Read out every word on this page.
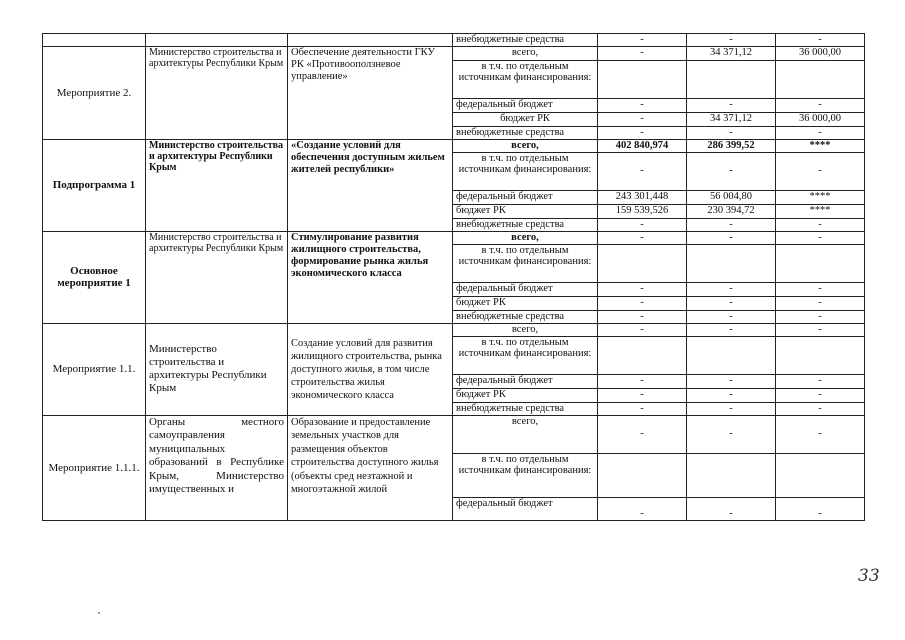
			внебюджетные средства	-	-	-
Мероприятие 2.	Министерство строительства и архитектуры Республики Крым	Обеспечение деятельности ГКУ РК «Противооползневое управление»	всего,	-	34 371,12	36 000,00
			в т.ч. по отдельным источникам финансирования:			
			федеральный бюджет	-	-	-
			бюджет РК	-	34 371,12	36 000,00
			внебюджетные средства	-	-	-
Подпрограмма 1	Министерство строительства и архитектуры Республики Крым	«Создание условий для обеспечения доступным жильем жителей республики»	всего,	402 840,974	286 399,52	****
			в т.ч. по отдельным источникам финансирования:	-	-	-
			федеральный бюджет	243 301,448	56 004,80	****
			бюджет РК	159 539,526	230 394,72	****
			внебюджетные средства	-	-	-
Основное мероприятие 1	Министерство строительства и архитектуры Республики Крым	Стимулирование развития жилищного строительства, формирование рынка жилья экономического класса	всего,	-	-	-
			в т.ч. по отдельным источникам финансирования:			
			федеральный бюджет	-	-	-
			бюджет РК	-	-	-
			внебюджетные средства	-	-	-
Мероприятие 1.1.	Министерство строительства и архитектуры Республики Крым	Создание условий для развития жилищного строительства, рынка доступного жилья, в том числе строительства жилья экономического класса	всего,	-	-	-
			в т.ч. по отдельным источникам финансирования:			
			федеральный бюджет	-	-	-
			бюджет РК	-	-	-
			внебюджетные средства	-	-	-
Мероприятие 1.1.1.	Органы местного самоуправления муниципальных образований в Республике Крым, Министерство имущественных и	Образование и предоставление земельных участков для размещения объектов строительства доступного жилья (объекты сред незтажной и многоэтажной жилой	всего,	-	-	-
			в т.ч. по отдельным источникам финансирования:			
			федеральный бюджет	-	-	-
33
